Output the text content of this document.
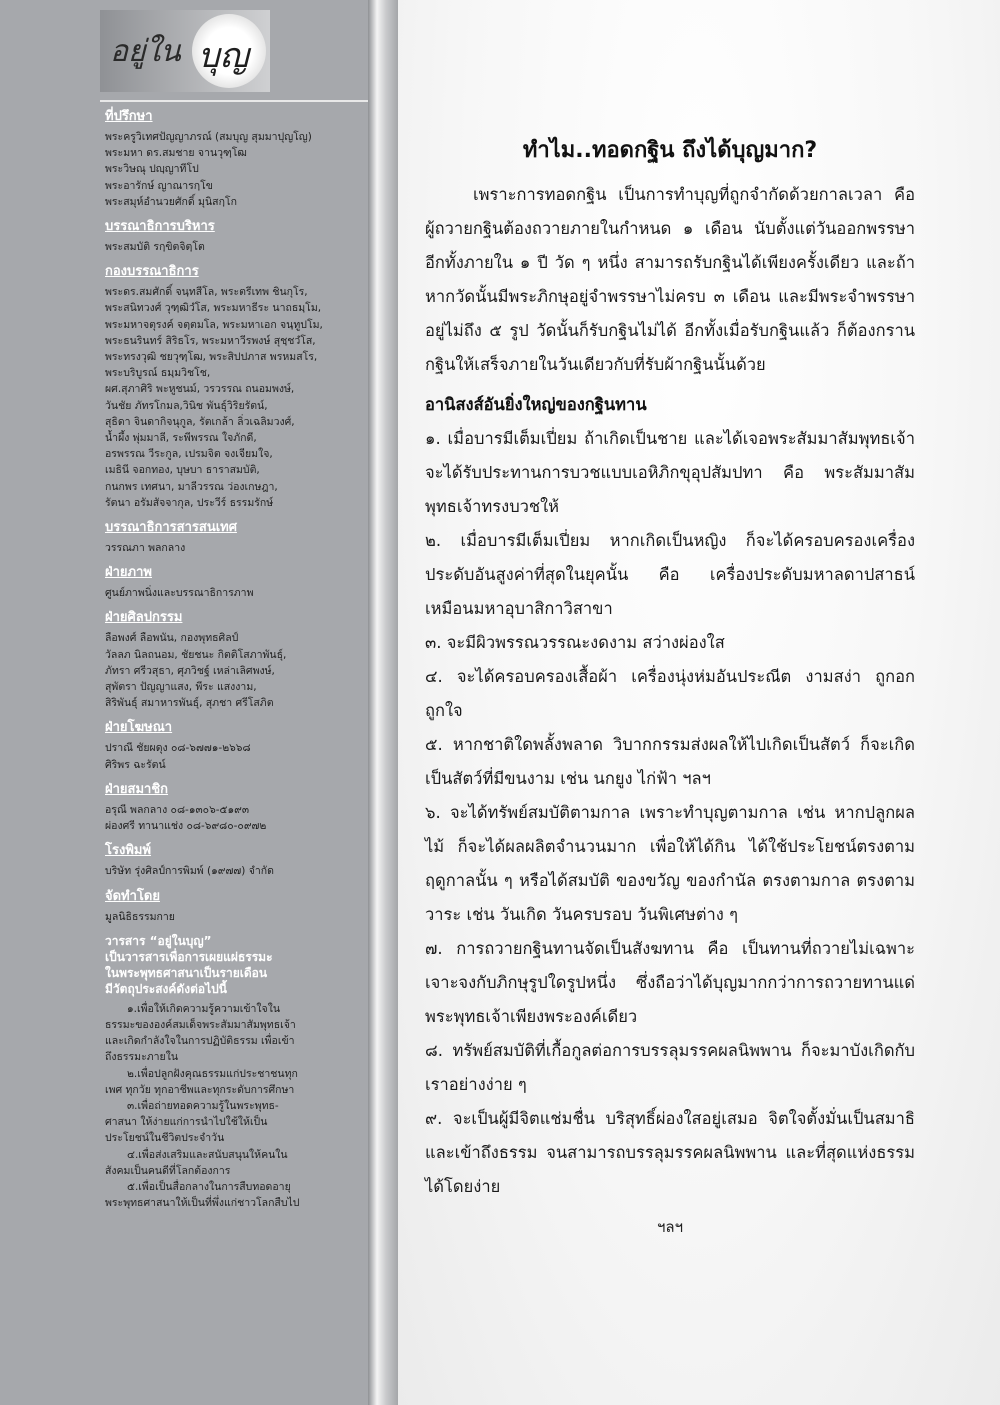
อยู่ใน บุญ
ที่ปรึกษา
พระครูวิเทศปัญญาภรณ์ (สมบุญ สุมมาปุญโญ)
พระมหา ดร.สมชาย จานวุฑฺโฒ
พระวิษณุ ปญฺญาทีโป
พระอารักษ์ ญาณารกฺโข
พระสมุห์อำนวยศักดิ์ มุนิสกฺโก
บรรณาธิการบริหาร
พระสมบัติ รกฺขิตจิตฺโต
กองบรรณาธิการ
พระดร.สมศักดิ์ จนฺทสีโล, พระตรีเทพ ชินกุโร,
พระสนิทวงศ์ วุฑฺฒิวํโส, พระมหาธีระ นาถธมฺโม,
พระมหาจตุรงค์ จตฺตมโล, พระมหาเอก จนฺทูปโม,
พระธนรินทร์ สิริธโร, พระมหาวีรพงษ์ สุชฺชวํโส,
พระทรงวุฒิ ชยวุฑฺโฒ, พระสิปปภาส พรหมสโร,
พระบริบูรณ์ ธมฺมวิชโช,
ผศ.สุภาศิริ พะหูชนม์, วรวรรณ ถนอมพงษ์,
วันชัย ภัทรโกมล,วินิช พันธุ์วิริยรัตน์,
สุธิดา จินดากิจนุกูล, รัตเกล้า ลิ่วเฉลิมวงศ์,
น้ำผึ้ง พุ่มมาลี, ระพีพรรณ ใจภักดี,
อรพรรณ วีระกูล, เปรมจิต จงเจียมใจ,
เมธินี จอกทอง, บุษบา ธาราสมบัติ,
กนกพร เทศนา, มาลีวรรณ ว่องเกษฎา,
รัตนา อรัมสัจจากุล, ประวีร์ ธรรมรักษ์
บรรณาธิการสารสนเทศ
วรรณภา พลกลาง
ฝ่ายภาพ
ศูนย์ภาพนิ่งและบรรณาธิการภาพ
ฝ่ายศิลปกรรม
ลือพงศ์ ลือพนัน, กองพุทธศิลป์
วัลลภ นิลถนอม, ชัยชนะ กิตติโสภาพันธุ์,
ภัทรา ศรีวสุธา, ศุภวิชฐ์ เหล่าเลิศพงษ์,
สุพัตรา ปัญญาแสง, พีระ แสงงาม,
สิริพันธุ์ สมาหารพันธุ์, สุภชา ศรีโสภิต
ฝ่ายโฆษณา
ปราณี ชัยผดุง ๐๘-๖๗๗๑-๒๖๖๘
ศิริพร ฉะรัตน์
ฝ่ายสมาชิก
อรุณี พลกลาง ๐๘-๑๓๐๖-๕๑๙๓
ผ่องศรี ทานาแช่ง ๐๘-๖๙๘๐-๐๙๗๒
โรงพิมพ์
บริษัท รุ่งศิลป์การพิมพ์ (๑๙๗๗) จำกัด
จัดทำโดย
มูลนิธิธรรมกาย
วารสาร “อยู่ในบุญ”
เป็นวารสารเพื่อการเผยแผ่ธรรมะ
ในพระพุทธศาสนาเป็นรายเดือน
มีวัตถุประสงค์ดังต่อไปนี้
๑.เพื่อให้เกิดความรู้ความเข้าใจใน
ธรรมะขององค์สมเด็จพระสัมมาสัมพุทธเจ้า
และเกิดกำลังใจในการปฏิบัติธรรม เพื่อเข้า
ถึงธรรมะภายใน
๒.เพื่อปลูกฝังคุณธรรมแก่ประชาชนทุก
เพศ ทุกวัย ทุกอาชีพและทุกระดับการศึกษา
๓.เพื่อถ่ายทอดความรู้ในพระพุทธ-
ศาสนา ให้ง่ายแก่การนำไปใช้ให้เป็น
ประโยชน์ในชีวิตประจำวัน
๔.เพื่อส่งเสริมและสนับสนุนให้คนใน
สังคมเป็นคนดีที่โลกต้องการ
๕.เพื่อเป็นสื่อกลางในการสืบทอดอายุ
พระพุทธศาสนาให้เป็นที่พึ่งแก่ชาวโลกสืบไป
ทำไม..ทอดกฐิน ถึงได้บุญมาก?

เพราะการทอดกฐิน เป็นการทำบุญที่ถูกจำกัดด้วยกาลเวลา คือ ผู้ถวายกฐินต้องถวายภายในกำหนด ๑ เดือน นับตั้งแต่วันออกพรรษา อีกทั้งภายใน ๑ ปี วัด ๆ หนึ่ง สามารถรับกฐินได้เพียงครั้งเดียว และถ้าหากวัดนั้นมีพระภิกษุอยู่จำพรรษาไม่ครบ ๓ เดือน และมีพระจำพรรษาอยู่ไม่ถึง ๕ รูป วัดนั้นก็รับกฐินไม่ได้ อีกทั้งเมื่อรับกฐินแล้ว ก็ต้องกรานกฐินให้เสร็จภายในวันเดียวกับที่รับผ้ากฐินนั้นด้วย

อานิสงส์อันยิ่งใหญ่ของกฐินทาน

๑. เมื่อบารมีเต็มเปี่ยม ถ้าเกิดเป็นชาย และได้เจอพระสัมมาสัมพุทธเจ้า จะได้รับประทานการบวชแบบเอหิภิกขุอุปสัมปทา คือ พระสัมมาสัมพุทธเจ้าทรงบวชให้

๒. เมื่อบารมีเต็มเปี่ยม หากเกิดเป็นหญิง ก็จะได้ครอบครองเครื่องประดับอันสูงค่าที่สุดในยุคนั้น คือ เครื่องประดับมหาลดาปสาธน์ เหมือนมหาอุบาสิกาวิสาขา

๓. จะมีผิวพรรณวรรณะงดงาม สว่างผ่องใส

๔. จะได้ครอบครองเสื้อผ้า เครื่องนุ่งห่มอันประณีต งามสง่า ถูกอก ถูกใจ

๕. หากชาติใดพลั้งพลาด วิบากกรรมส่งผลให้ไปเกิดเป็นสัตว์ ก็จะเกิดเป็นสัตว์ที่มีขนงาม เช่น นกยูง ไก่ฟ้า ฯลฯ

๖. จะได้ทรัพย์สมบัติตามกาล เพราะทำบุญตามกาล เช่น หากปลูกผลไม้ ก็จะได้ผลผลิตจำนวนมาก เพื่อให้ได้กิน ได้ใช้ประโยชน์ตรงตามฤดูกาลนั้น ๆ หรือได้สมบัติ ของขวัญ ของกำนัล ตรงตามกาล ตรงตามวาระ เช่น วันเกิด วันครบรอบ วันพิเศษต่าง ๆ

๗. การถวายกฐินทานจัดเป็นสังฆทาน คือ เป็นทานที่ถวายไม่เฉพาะเจาะจงกับภิกษุรูปใดรูปหนึ่ง ซึ่งถือว่าได้บุญมากกว่าการถวายทานแด่พระพุทธเจ้าเพียงพระองค์เดียว

๘. ทรัพย์สมบัติที่เกื้อกูลต่อการบรรลุมรรคผลนิพพาน ก็จะมาบังเกิดกับเราอย่างง่าย ๆ

๙. จะเป็นผู้มีจิตแช่มชื่น บริสุทธิ์ผ่องใสอยู่เสมอ จิตใจตั้งมั่นเป็นสมาธิ และเข้าถึงธรรม จนสามารถบรรลุมรรคผลนิพพาน และที่สุดแห่งธรรมได้โดยง่าย

ฯลฯ
